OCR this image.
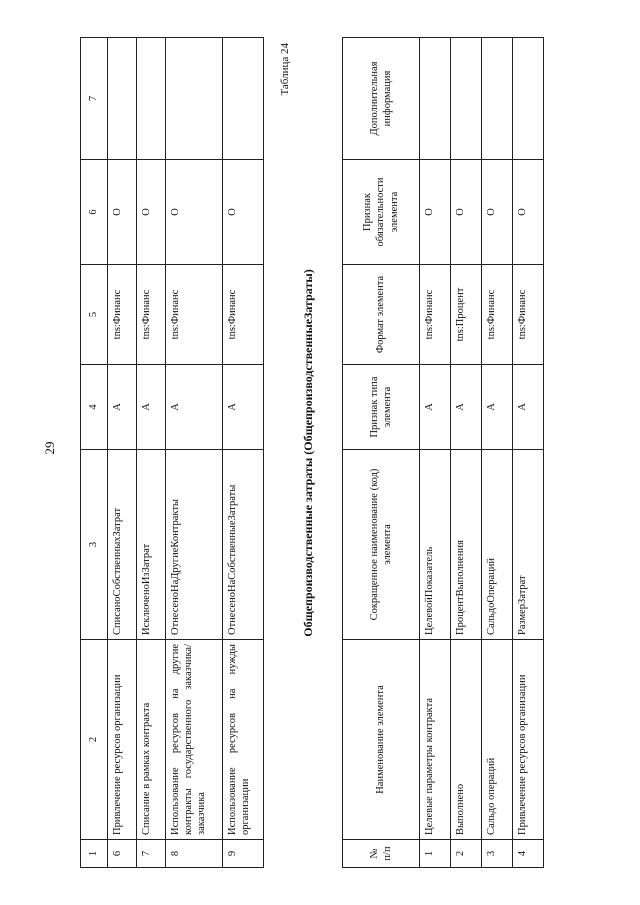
29
1	2	3	4	5	6	7
6	Привлечение ресурсов организации	СписаноСобственныхЗатрат	А	tns:Финанс	О	
7	Списание в рамках контракта	ИсключеноИзЗатрат	А	tns:Финанс	О	
8	Использование ресурсов на другие контракты государственного заказчика/заказчика	ОтнесеноНаДругиеКонтракты	А	tns:Финанс	О	
9	Использование ресурсов на нужды организации	ОтнесеноНаСобственныеЗатраты	А	tns:Финанс	О	
Таблица 24
Общепроизводственные затраты (ОбщепроизводственныеЗатраты)
№ п/п	Наименование элемента	Сокращенное наименование (код) элемента	Признак типа элемента	Формат элемента	Признак обязательности элемента	Дополнительная информация
1	Целевые параметры контракта	ЦелевойПоказатель	А	tns:Финанс	О	
2	Выполнено	ПроцентВыполнения	А	tns:Процент	О	
3	Сальдо операций	СальдоОпераций	А	tns:Финанс	О	
4	Привлечение ресурсов организации	РазмерЗатрат	А	tns:Финанс	О	
